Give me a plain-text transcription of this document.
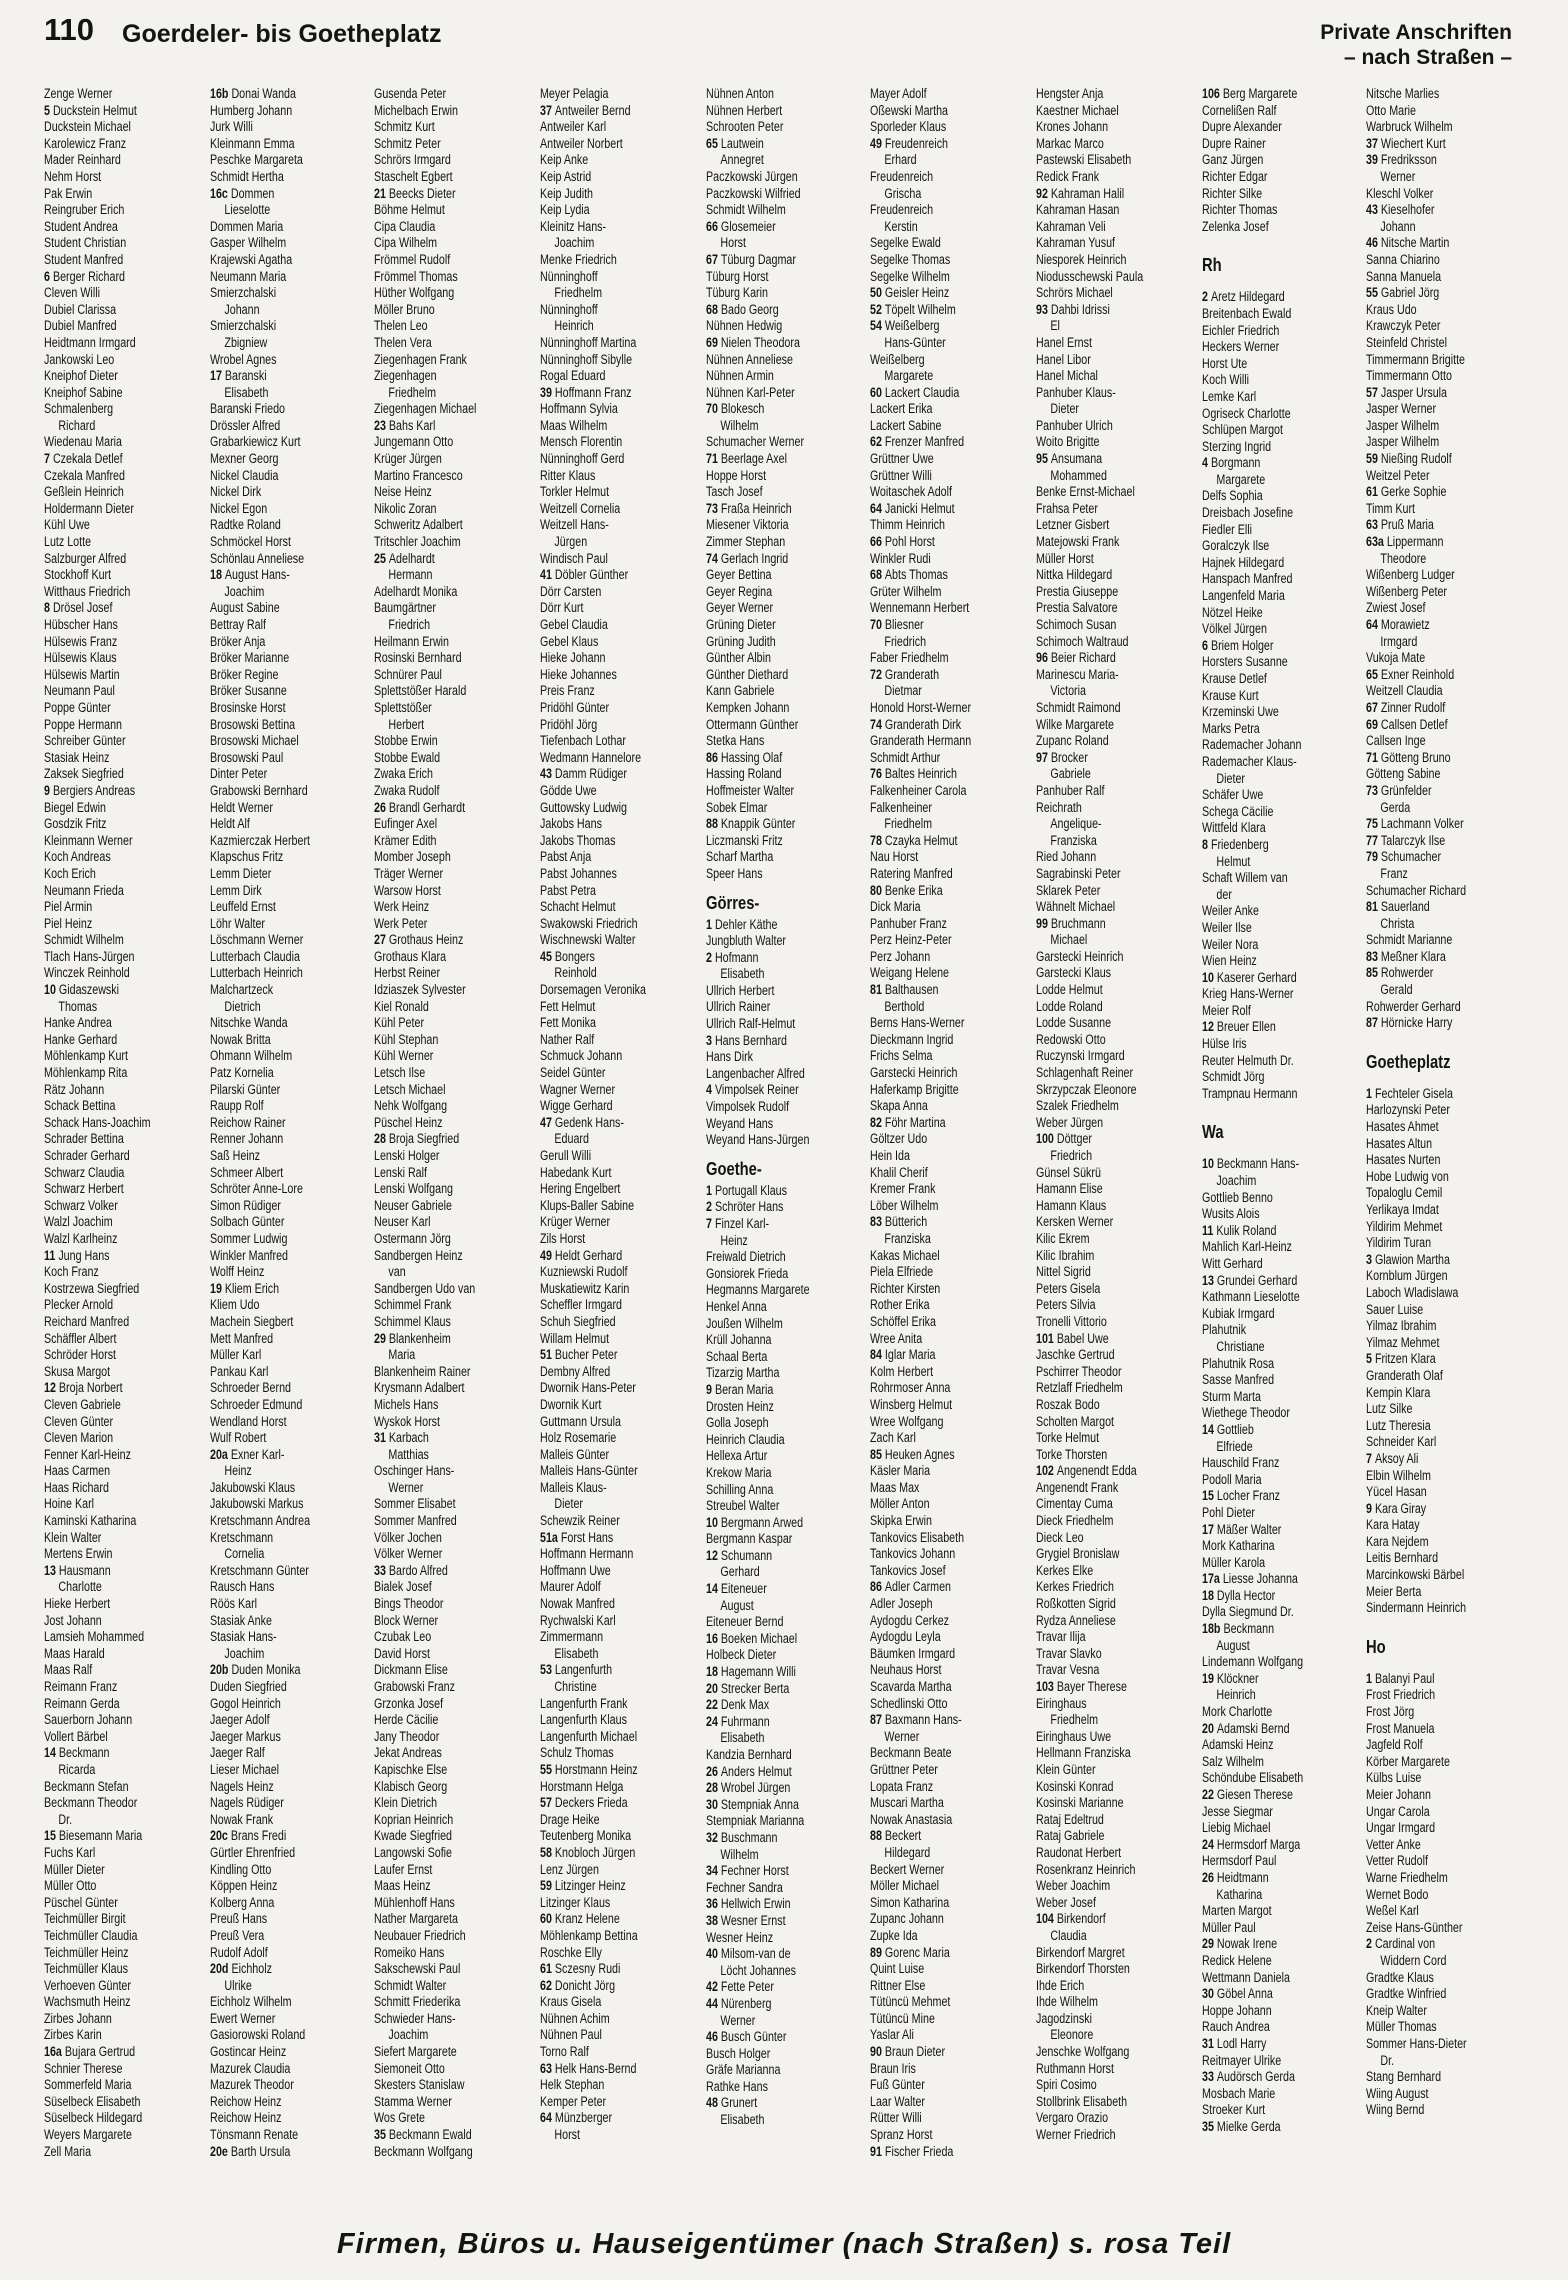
110 Goerdeler- bis Goetheplatz	Private Anschriften
– nach Straßen –
Zenge Werner
5 Duckstein Helmut
Duckstein Michael
Karolewicz Franz
Mader Reinhard
Nehm Horst
Pak Erwin
Reingruber Erich
Student Andrea
Student Christian
Student Manfred
6 Berger Richard
Cleven Willi
Dubiel Clarissa
Dubiel Manfred
Heidtmann Irmgard
Jankowski Leo
Kneiphof Dieter
Kneiphof Sabine
Schmalenberg
Richard
Wiedenau Maria
7 Czekala Detlef
Czekala Manfred
Geßlein Heinrich
Holdermann Dieter
Kühl Uwe
Lutz Lotte
Salzburger Alfred
Stockhoff Kurt
Witthaus Friedrich
8 Drösel Josef
Hübscher Hans
Hülsewis Franz
Hülsewis Klaus
Hülsewis Martin
Neumann Paul
Poppe Günter
Poppe Hermann
Schreiber Günter
Stasiak Heinz
Zaksek Siegfried
9 Bergiers Andreas
Biegel Edwin
Gosdzik Fritz
Kleinmann Werner
Koch Andreas
Koch Erich
Neumann Frieda
Piel Armin
Piel Heinz
Schmidt Wilhelm
Tlach Hans-Jürgen
Winczek Reinhold
10 Gidaszewski
Thomas
Hanke Andrea
Hanke Gerhard
Möhlenkamp Kurt
Möhlenkamp Rita
Rätz Johann
Schack Bettina
Schack Hans-Joachim
Schrader Bettina
Schrader Gerhard
Schwarz Claudia
Schwarz Herbert
Schwarz Volker
Walzl Joachim
Walzl Karlheinz
11 Jung Hans
Koch Franz
Kostrzewa Siegfried
Plecker Arnold
Reichard Manfred
Schäffler Albert
Schröder Horst
Skusa Margot
12 Broja Norbert
Cleven Gabriele
Cleven Günter
Cleven Marion
Fenner Karl-Heinz
Haas Carmen
Haas Richard
Hoine Karl
Kaminski Katharina
Klein Walter
Mertens Erwin
13 Hausmann
Charlotte
Hieke Herbert
Jost Johann
Lamsieh Mohammed
Maas Harald
Maas Ralf
Reimann Franz
Reimann Gerda
Sauerborn Johann
Vollert Bärbel
14 Beckmann
Ricarda
Beckmann Stefan
Beckmann Theodor
Dr.
15 Biesemann Maria
Fuchs Karl
Müller Dieter
Müller Otto
Püschel Günter
Teichmüller Birgit
Teichmüller Claudia
Teichmüller Heinz
Teichmüller Klaus
Verhoeven Günter
Wachsmuth Heinz
Zirbes Johann
Zirbes Karin
16a Bujara Gertrud
Schnier Therese
Sommerfeld Maria
Süselbeck Elisabeth
Süselbeck Hildegard
Weyers Margarete
Zell Maria
16b Donai Wanda
Humberg Johann
Jurk Willi
Kleinmann Emma
Peschke Margareta
Schmidt Hertha
16c Dommen
Lieselotte
Dommen Maria
Gasper Wilhelm
Krajewski Agatha
Neumann Maria
Smierzchalski
Johann
Smierzchalski
Zbigniew
Wrobel Agnes
17 Baranski
Elisabeth
Baranski Friedo
Drössler Alfred
Grabarkiewicz Kurt
Mexner Georg
Nickel Claudia
Nickel Dirk
Nickel Egon
Radtke Roland
Schmöckel Horst
Schönlau Anneliese
18 August Hans-
Joachim
August Sabine
Bettray Ralf
Bröker Anja
Bröker Marianne
Bröker Regine
Bröker Susanne
Brosinske Horst
Brosowski Bettina
Brosowski Michael
Brosowski Paul
Dinter Peter
Grabowski Bernhard
Heldt Werner
Heldt Alf
Kazmierczak Herbert
Klapschus Fritz
Lemm Dieter
Lemm Dirk
Leuffeld Ernst
Löhr Walter
Löschmann Werner
Lutterbach Claudia
Lutterbach Heinrich
Malchartzeck
Dietrich
Nitschke Wanda
Nowak Britta
Ohmann Wilhelm
Patz Kornelia
Pilarski Günter
Raupp Rolf
Reichow Rainer
Renner Johann
Saß Heinz
Schmeer Albert
Schröter Anne-Lore
Simon Rüdiger
Solbach Günter
Sommer Ludwig
Winkler Manfred
Wolff Heinz
19 Kliem Erich
Kliem Udo
Machein Siegbert
Mett Manfred
Müller Karl
Pankau Karl
Schroeder Bernd
Schroeder Edmund
Wendland Horst
Wulf Robert
20a Exner Karl-
Heinz
Jakubowski Klaus
Jakubowski Markus
Kretschmann Andrea
Kretschmann
Cornelia
Kretschmann Günter
Rausch Hans
Röös Karl
Stasiak Anke
Stasiak Hans-
Joachim
20b Duden Monika
Duden Siegfried
Gogol Heinrich
Jaeger Adolf
Jaeger Markus
Jaeger Ralf
Lieser Michael
Nagels Heinz
Nagels Rüdiger
Nowak Frank
20c Brans Fredi
Gürtler Ehrenfried
Kindling Otto
Köppen Heinz
Kolberg Anna
Preuß Hans
Preuß Vera
Rudolf Adolf
20d Eichholz
Ulrike
Eichholz Wilhelm
Ewert Werner
Gasiorowski Roland
Gostincar Heinz
Mazurek Claudia
Mazurek Theodor
Reichow Heinz
Reichow Heinz
Tönsmann Renate
20e Barth Ursula
Gusenda Peter
Michelbach Erwin
Schmitz Kurt
Schmitz Peter
Schrörs Irmgard
Staschelt Egbert
21 Beecks Dieter
Böhme Helmut
Cipa Claudia
Cipa Wilhelm
Frömmel Rudolf
Frömmel Thomas
Hüther Wolfgang
Möller Bruno
Thelen Leo
Thelen Vera
Ziegenhagen Frank
Ziegenhagen
Friedhelm
Ziegenhagen Michael
23 Bahs Karl
Jungemann Otto
Krüger Jürgen
Martino Francesco
Neise Heinz
Nikolic Zoran
Schweritz Adalbert
Tritschler Joachim
25 Adelhardt
Hermann
Adelhardt Monika
Baumgärtner
Friedrich
Heilmann Erwin
Rosinski Bernhard
Schnürer Paul
Splettstößer Harald
Splettstößer
Herbert
Stobbe Erwin
Stobbe Ewald
Zwaka Erich
Zwaka Rudolf
26 Brandl Gerhardt
Eufinger Axel
Krämer Edith
Momber Joseph
Träger Werner
Warsow Horst
Werk Heinz
Werk Peter
27 Grothaus Heinz
Grothaus Klara
Herbst Reiner
Idziaszek Sylvester
Kiel Ronald
Kühl Peter
Kühl Stephan
Kühl Werner
Letsch Ilse
Letsch Michael
Nehk Wolfgang
Püschel Heinz
28 Broja Siegfried
Lenski Holger
Lenski Ralf
Lenski Wolfgang
Neuser Gabriele
Neuser Karl
Ostermann Jörg
Sandbergen Heinz
van
Sandbergen Udo van
Schimmel Frank
Schimmel Klaus
29 Blankenheim
Maria
Blankenheim Rainer
Krysmann Adalbert
Michels Hans
Wyskok Horst
31 Karbach
Matthias
Oschinger Hans-
Werner
Sommer Elisabet
Sommer Manfred
Völker Jochen
Völker Werner
33 Bardo Alfred
Bialek Josef
Bings Theodor
Block Werner
Czubak Leo
David Horst
Dickmann Elise
Grabowski Franz
Grzonka Josef
Herde Cäcilie
Jany Theodor
Jekat Andreas
Kapischke Else
Klabisch Georg
Klein Dietrich
Koprian Heinrich
Kwade Siegfried
Langowski Sofie
Laufer Ernst
Maas Heinz
Mühlenhoff Hans
Nather Margareta
Neubauer Friedrich
Romeiko Hans
Sakschewski Paul
Schmidt Walter
Schmitt Friederika
Schwieder Hans-
Joachim
Siefert Margarete
Siemoneit Otto
Skesters Stanislaw
Stamma Werner
Wos Grete
35 Beckmann Ewald
Beckmann Wolfgang
Meyer Pelagia
37 Antweiler Bernd
Antweiler Karl
Antweiler Norbert
Keip Anke
Keip Astrid
Keip Judith
Keip Lydia
Kleinitz Hans-
Joachim
Menke Friedrich
Nünninghoff
Friedhelm
Nünninghoff
Heinrich
Nünninghoff Martina
Nünninghoff Sibylle
Rogal Eduard
39 Hoffmann Franz
Hoffmann Sylvia
Maas Wilhelm
Mensch Florentin
Nünninghoff Gerd
Ritter Klaus
Torkler Helmut
Weitzell Cornelia
Weitzell Hans-
Jürgen
Windisch Paul
41 Döbler Günther
Dörr Carsten
Dörr Kurt
Gebel Claudia
Gebel Klaus
Hieke Johann
Hieke Johannes
Preis Franz
Pridöhl Günter
Pridöhl Jörg
Tiefenbach Lothar
Wedmann Hannelore
43 Damm Rüdiger
Gödde Uwe
Guttowsky Ludwig
Jakobs Hans
Jakobs Thomas
Pabst Anja
Pabst Johannes
Pabst Petra
Schacht Helmut
Swakowski Friedrich
Wischnewski Walter
45 Bongers
Reinhold
Dorsemagen Veronika
Fett Helmut
Fett Monika
Nather Ralf
Schmuck Johann
Seidel Günter
Wagner Werner
Wigge Gerhard
47 Gedenk Hans-
Eduard
Gerull Willi
Habedank Kurt
Hering Engelbert
Klups-Baller Sabine
Krüger Werner
Zils Horst
49 Heldt Gerhard
Kuzniewski Rudolf
Muskatiewitz Karin
Scheffler Irmgard
Schuh Siegfried
Willam Helmut
51 Bucher Peter
Dembny Alfred
Dwornik Hans-Peter
Dwornik Kurt
Guttmann Ursula
Holz Rosemarie
Malleis Günter
Malleis Hans-Günter
Malleis Klaus-
Dieter
Schewzik Reiner
51a Forst Hans
Hoffmann Hermann
Hoffmann Uwe
Maurer Adolf
Nowak Manfred
Rychwalski Karl
Zimmermann
Elisabeth
53 Langenfurth
Christine
Langenfurth Frank
Langenfurth Klaus
Langenfurth Michael
Schulz Thomas
55 Horstmann Heinz
Horstmann Helga
57 Deckers Frieda
Drage Heike
Teutenberg Monika
58 Knobloch Jürgen
Lenz Jürgen
59 Litzinger Heinz
Litzinger Klaus
60 Kranz Helene
Möhlenkamp Bettina
Roschke Elly
61 Sczesny Rudi
62 Donicht Jörg
Kraus Gisela
Nühnen Achim
Nühnen Paul
Torno Ralf
63 Helk Hans-Bernd
Helk Stephan
Kemper Peter
64 Münzberger
Horst
Nühnen Anton
Nühnen Herbert
Schrooten Peter
65 Lautwein
Annegret
Paczkowski Jürgen
Paczkowski Wilfried
Schmidt Wilhelm
66 Glosemeier
Horst
67 Tüburg Dagmar
Tüburg Horst
Tüburg Karin
68 Bado Georg
Nühnen Hedwig
69 Nielen Theodora
Nühnen Anneliese
Nühnen Armin
Nühnen Karl-Peter
70 Blokesch
Wilhelm
Schumacher Werner
71 Beerlage Axel
Hoppe Horst
Tasch Josef
73 Fraßa Heinrich
Miesener Viktoria
Zimmer Stephan
74 Gerlach Ingrid
Geyer Bettina
Geyer Regina
Geyer Werner
Grüning Dieter
Grüning Judith
Günther Albin
Günther Diethard
Kann Gabriele
Kempken Johann
Ottermann Günther
Stetka Hans
86 Hassing Olaf
Hassing Roland
Hoffmeister Walter
Sobek Elmar
88 Knappik Günter
Liczmanski Fritz
Scharf Martha
Speer Hans
Görres-
1 Dehler Käthe
Jungbluth Walter
2 Hofmann
Elisabeth
Ullrich Herbert
Ullrich Rainer
Ullrich Ralf-Helmut
3 Hans Bernhard
Hans Dirk
Langenbacher Alfred
4 Vimpolsek Reiner
Vimpolsek Rudolf
Weyand Hans
Weyand Hans-Jürgen
Goethe-
1 Portugall Klaus
2 Schröter Hans
7 Finzel Karl-
Heinz
Freiwald Dietrich
Gonsiorek Frieda
Hegmanns Margarete
Henkel Anna
Joußen Wilhelm
Krüll Johanna
Schaal Berta
Tizarzig Martha
9 Beran Maria
Drosten Heinz
Golla Joseph
Heinrich Claudia
Hellexa Artur
Krekow Maria
Schilling Anna
Streubel Walter
10 Bergmann Arwed
Bergmann Kaspar
12 Schumann
Gerhard
14 Eiteneuer
August
Eiteneuer Bernd
16 Boeken Michael
Holbeck Dieter
18 Hagemann Willi
20 Strecker Berta
22 Denk Max
24 Fuhrmann
Elisabeth
Kandzia Bernhard
26 Anders Helmut
28 Wrobel Jürgen
30 Stempniak Anna
Stempniak Marianna
32 Buschmann
Wilhelm
34 Fechner Horst
Fechner Sandra
36 Hellwich Erwin
38 Wesner Ernst
Wesner Heinz
40 Milsom-van de
Löcht Johannes
42 Fette Peter
44 Nürenberg
Werner
46 Busch Günter
Busch Holger
Gräfe Marianna
Rathke Hans
48 Grunert
Elisabeth
Mayer Adolf
Oßewski Martha
Sporleder Klaus
49 Freudenreich
Erhard
Freudenreich
Grischa
Freudenreich
Kerstin
Segelke Ewald
Segelke Thomas
Segelke Wilhelm
50 Geisler Heinz
52 Töpelt Wilhelm
54 Weißelberg
Hans-Günter
Weißelberg
Margarete
60 Lackert Claudia
Lackert Erika
Lackert Sabine
62 Frenzer Manfred
Grüttner Uwe
Grüttner Willi
Woitaschek Adolf
64 Janicki Helmut
Thimm Heinrich
66 Pohl Horst
Winkler Rudi
68 Abts Thomas
Grüter Wilhelm
Wennemann Herbert
70 Bliesner
Friedrich
Faber Friedhelm
72 Granderath
Dietmar
Honold Horst-Werner
74 Granderath Dirk
Granderath Hermann
Schmidt Arthur
76 Baltes Heinrich
Falkenheiner Carola
Falkenheiner
Friedhelm
78 Czayka Helmut
Nau Horst
Ratering Manfred
80 Benke Erika
Dick Maria
Panhuber Franz
Perz Heinz-Peter
Perz Johann
Weigang Helene
81 Balthausen
Berthold
Berns Hans-Werner
Dieckmann Ingrid
Frichs Selma
Garstecki Heinrich
Haferkamp Brigitte
Skapa Anna
82 Föhr Martina
Göltzer Udo
Hein Ida
Khalil Cherif
Kremer Frank
Löber Wilhelm
83 Bütterich
Franziska
Kakas Michael
Piela Elfriede
Richter Kirsten
Rother Erika
Schöffel Erika
Wree Anita
84 Iglar Maria
Kolm Herbert
Rohrmoser Anna
Winsberg Helmut
Wree Wolfgang
Zach Karl
85 Heuken Agnes
Käsler Maria
Maas Max
Möller Anton
Skipka Erwin
Tankovics Elisabeth
Tankovics Johann
Tankovics Josef
86 Adler Carmen
Adler Joseph
Aydogdu Cerkez
Aydogdu Leyla
Bäumken Irmgard
Neuhaus Horst
Scavarda Martha
Schedlinski Otto
87 Baxmann Hans-
Werner
Beckmann Beate
Grüttner Peter
Lopata Franz
Muscari Martha
Nowak Anastasia
88 Beckert
Hildegard
Beckert Werner
Möller Michael
Simon Katharina
Zupanc Johann
Zupke Ida
89 Gorenc Maria
Quint Luise
Rittner Else
Tütüncü Mehmet
Tütüncü Mine
Yaslar Ali
90 Braun Dieter
Braun Iris
Fuß Günter
Laar Walter
Rütter Willi
Spranz Horst
91 Fischer Frieda
Hengster Anja
Kaestner Michael
Krones Johann
Markac Marco
Pastewski Elisabeth
Redick Frank
92 Kahraman Halil
Kahraman Hasan
Kahraman Veli
Kahraman Yusuf
Niesporek Heinrich
Niodusschewski Paula
Schrörs Michael
93 Dahbi Idrissi
El
Hanel Ernst
Hanel Libor
Hanel Michal
Panhuber Klaus-
Dieter
Panhuber Ulrich
Woito Brigitte
95 Ansumana
Mohammed
Benke Ernst-Michael
Frahsa Peter
Letzner Gisbert
Matejowski Frank
Müller Horst
Nittka Hildegard
Prestia Giuseppe
Prestia Salvatore
Schimoch Susan
Schimoch Waltraud
96 Beier Richard
Marinescu Maria-
Victoria
Schmidt Raimond
Wilke Margarete
Zupanc Roland
97 Brocker
Gabriele
Panhuber Ralf
Reichrath
Angelique-
Franziska
Ried Johann
Sagrabinski Peter
Sklarek Peter
Wähnelt Michael
99 Bruchmann
Michael
Garstecki Heinrich
Garstecki Klaus
Lodde Helmut
Lodde Roland
Lodde Susanne
Redowski Otto
Ruczynski Irmgard
Schlagenhaft Reiner
Skrzypczak Eleonore
Szalek Friedhelm
Weber Jürgen
100 Döttger
Friedrich
Günsel Sükrü
Hamann Elise
Hamann Klaus
Kersken Werner
Kilic Ekrem
Kilic Ibrahim
Nittel Sigrid
Peters Gisela
Peters Silvia
Tronelli Vittorio
101 Babel Uwe
Jaschke Gertrud
Pschirrer Theodor
Retzlaff Friedhelm
Roszak Bodo
Scholten Margot
Torke Helmut
Torke Thorsten
102 Angenendt Edda
Angenendt Frank
Cimentay Cuma
Dieck Friedhelm
Dieck Leo
Grygiel Bronislaw
Kerkes Elke
Kerkes Friedrich
Roßkotten Sigrid
Rydza Anneliese
Travar Ilija
Travar Slavko
Travar Vesna
103 Bayer Therese
Eiringhaus
Friedhelm
Eiringhaus Uwe
Hellmann Franziska
Klein Günter
Kosinski Konrad
Kosinski Marianne
Rataj Edeltrud
Rataj Gabriele
Raudonat Herbert
Rosenkranz Heinrich
Weber Joachim
Weber Josef
104 Birkendorf
Claudia
Birkendorf Margret
Birkendorf Thorsten
Ihde Erich
Ihde Wilhelm
Jagodzinski
Eleonore
Jenschke Wolfgang
Ruthmann Horst
Spiri Cosimo
Stollbrink Elisabeth
Vergaro Orazio
Werner Friedrich
106 Berg Margarete
Cornelißen Ralf
Dupre Alexander
Dupre Rainer
Ganz Jürgen
Richter Edgar
Richter Silke
Richter Thomas
Zelenka Josef
Rh
2 Aretz Hildegard
Breitenbach Ewald
Eichler Friedrich
Heckers Werner
Horst Ute
Koch Willi
Lemke Karl
Ogriseck Charlotte
Schlüpen Margot
Sterzing Ingrid
4 Borgmann
Margarete
Delfs Sophia
Dreisbach Josefine
Fiedler Elli
Goralczyk Ilse
Hajnek Hildegard
Hanspach Manfred
Langenfeld Maria
Nötzel Heike
Völkel Jürgen
6 Briem Holger
Horsters Susanne
Krause Detlef
Krause Kurt
Krzeminski Uwe
Marks Petra
Rademacher Johann
Rademacher Klaus-
Dieter
Schäfer Uwe
Schega Cäcilie
Wittfeld Klara
8 Friedenberg
Helmut
Schaft Willem van
der
Weiler Anke
Weiler Ilse
Weiler Nora
Wien Heinz
10 Kaserer Gerhard
Krieg Hans-Werner
Meier Rolf
12 Breuer Ellen
Hülse Iris
Reuter Helmuth Dr.
Schmidt Jörg
Trampnau Hermann
Wa
10 Beckmann Hans-
Joachim
Gottlieb Benno
Wusits Alois
11 Kulik Roland
Mahlich Karl-Heinz
Witt Gerhard
13 Grundei Gerhard
Kathmann Lieselotte
Kubiak Irmgard
Plahutnik
Christiane
Plahutnik Rosa
Sasse Manfred
Sturm Marta
Wiethege Theodor
14 Gottlieb
Elfriede
Hauschild Franz
Podoll Maria
15 Locher Franz
Pohl Dieter
17 Mäßer Walter
Mork Katharina
Müller Karola
17a Liesse Johanna
18 Dylla Hector
Dylla Siegmund Dr.
18b Beckmann
August
Lindemann Wolfgang
19 Klöckner
Heinrich
Mork Charlotte
20 Adamski Bernd
Adamski Heinz
Salz Wilhelm
Schöndube Elisabeth
22 Giesen Therese
Jesse Siegmar
Liebig Michael
24 Hermsdorf Marga
Hermsdorf Paul
26 Heidtmann
Katharina
Marten Margot
Müller Paul
29 Nowak Irene
Redick Helene
Wettmann Daniela
30 Göbel Anna
Hoppe Johann
Rauch Andrea
31 Lodl Harry
Reitmayer Ulrike
33 Audörsch Gerda
Mosbach Marie
Stroeker Kurt
35 Mielke Gerda
Nitsche Marlies
Otto Marie
Warbruck Wilhelm
37 Wiechert Kurt
39 Fredriksson
Werner
Kleschl Volker
43 Kieselhofer
Johann
46 Nitsche Martin
Sanna Chiarino
Sanna Manuela
55 Gabriel Jörg
Kraus Udo
Krawczyk Peter
Steinfeld Christel
Timmermann Brigitte
Timmermann Otto
57 Jasper Ursula
Jasper Werner
Jasper Wilhelm
Jasper Wilhelm
59 Nießing Rudolf
Weitzel Peter
61 Gerke Sophie
Timm Kurt
63 Pruß Maria
63a Lippermann
Theodore
Wißenberg Ludger
Wißenberg Peter
Zwiest Josef
64 Morawietz
Irmgard
Vukoja Mate
65 Exner Reinhold
Weitzell Claudia
67 Zinner Rudolf
69 Callsen Detlef
Callsen Inge
71 Götteng Bruno
Götteng Sabine
73 Grünfelder
Gerda
75 Lachmann Volker
77 Talarczyk Ilse
79 Schumacher
Franz
Schumacher Richard
81 Sauerland
Christa
Schmidt Marianne
83 Meßner Klara
85 Rohwerder
Gerald
Rohwerder Gerhard
87 Hörnicke Harry
Goetheplatz
1 Fechteler Gisela
Harlozynski Peter
Hasates Ahmet
Hasates Altun
Hasates Nurten
Hobe Ludwig von
Topaloglu Cemil
Yerlikaya Imdat
Yildirim Mehmet
Yildirim Turan
3 Glawion Martha
Kornblum Jürgen
Laboch Wladislawa
Sauer Luise
Yilmaz Ibrahim
Yilmaz Mehmet
5 Fritzen Klara
Granderath Olaf
Kempin Klara
Lutz Silke
Lutz Theresia
Schneider Karl
7 Aksoy Ali
Elbin Wilhelm
Yücel Hasan
9 Kara Giray
Kara Hatay
Kara Nejdem
Leitis Bernhard
Marcinkowski Bärbel
Meier Berta
Sindermann Heinrich
Ho
1 Balanyi Paul
Frost Friedrich
Frost Jörg
Frost Manuela
Jagfeld Rolf
Körber Margarete
Külbs Luise
Meier Johann
Ungar Carola
Ungar Irmgard
Vetter Anke
Vetter Rudolf
Warne Friedhelm
Wernet Bodo
Weßel Karl
Zeise Hans-Günther
2 Cardinal von
Widdern Cord
Gradtke Klaus
Gradtke Winfried
Kneip Walter
Müller Thomas
Sommer Hans-Dieter
Dr.
Stang Bernhard
Wiing August
Wiing Bernd
Firmen, Büros u. Hauseigentümer (nach Straßen) s. rosa Teil
